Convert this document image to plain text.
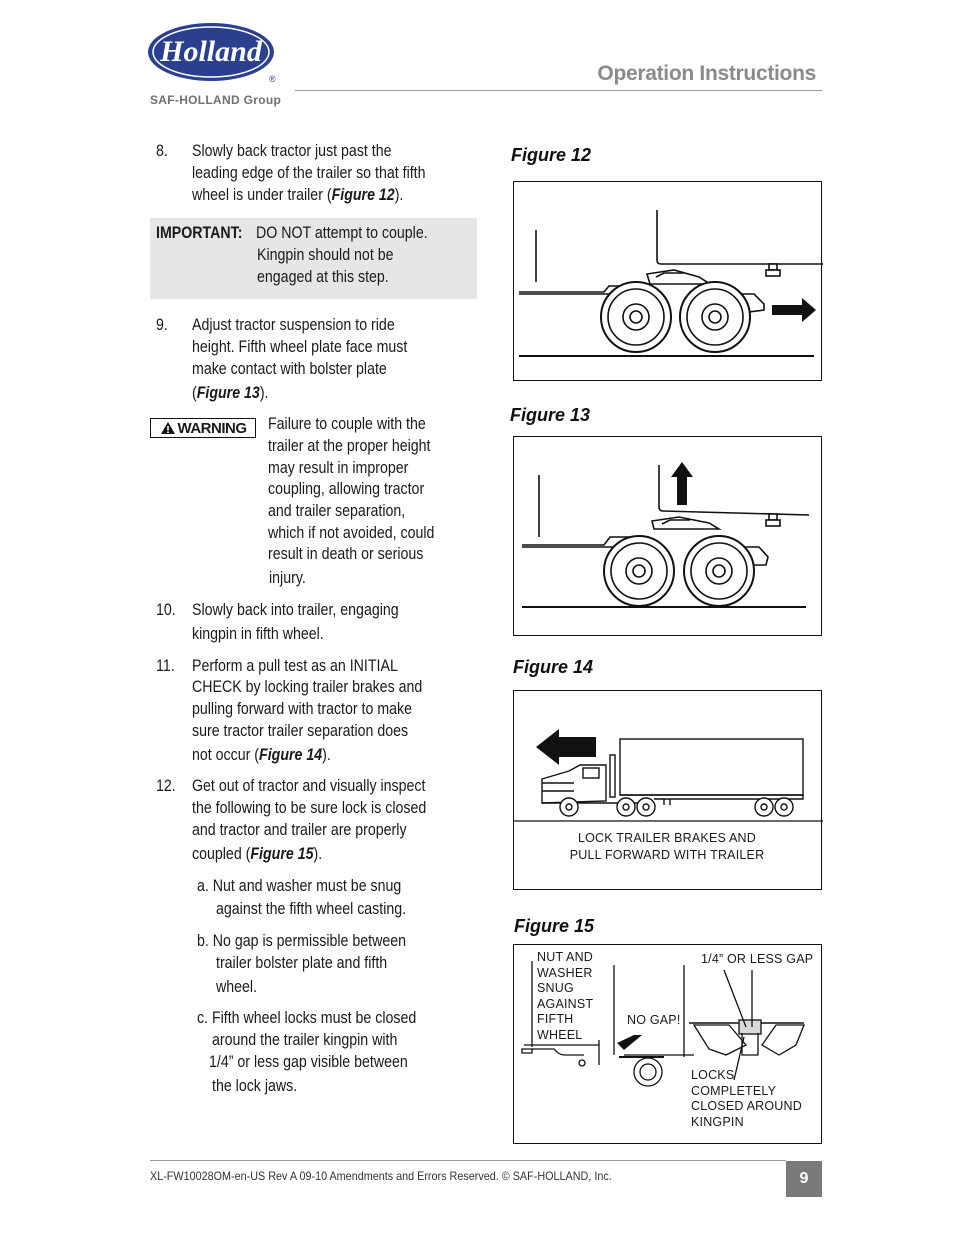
Holland
®
SAF-HOLLAND Group
Operation Instructions
8. Slowly back tractor just past the
leading edge of the trailer so that fifth
wheel is under trailer (Figure 12).
IMPORTANT: DO NOT attempt to couple.
Kingpin should not be
engaged at this step.
9. Adjust tractor suspension to ride
height. Fifth wheel plate face must
make contact with bolster plate
(Figure 13).
WARNING Failure to couple with the
trailer at the proper height
may result in improper
coupling, allowing tractor
and trailer separation,
which if not avoided, could
result in death or serious
injury.
10. Slowly back into trailer, engaging
kingpin in fifth wheel.
11. Perform a pull test as an INITIAL
CHECK by locking trailer brakes and
pulling forward with tractor to make
sure tractor trailer separation does
not occur (Figure 14).
12. Get out of tractor and visually inspect
the following to be sure lock is closed
and tractor and trailer are properly
coupled (Figure 15).
a. Nut and washer must be snug
against the fifth wheel casting.
b. No gap is permissible between
trailer bolster plate and fifth
wheel.
c. Fifth wheel locks must be closed
around the trailer kingpin with
1/4” or less gap visible between
the lock jaws.
Figure 12
Figure 13
Figure 14
LOCK TRAILER BRAKES AND
PULL FORWARD WITH TRAILER
Figure 15
NUT AND
WASHER
SNUG
AGAINST
FIFTH
WHEEL
NO GAP!
1/4” OR LESS GAP
LOCKS
COMPLETELY
CLOSED AROUND
KINGPIN
XL-FW10028OM-en-US Rev A 09-10 Amendments and Errors Reserved. © SAF-HOLLAND, Inc.	9
